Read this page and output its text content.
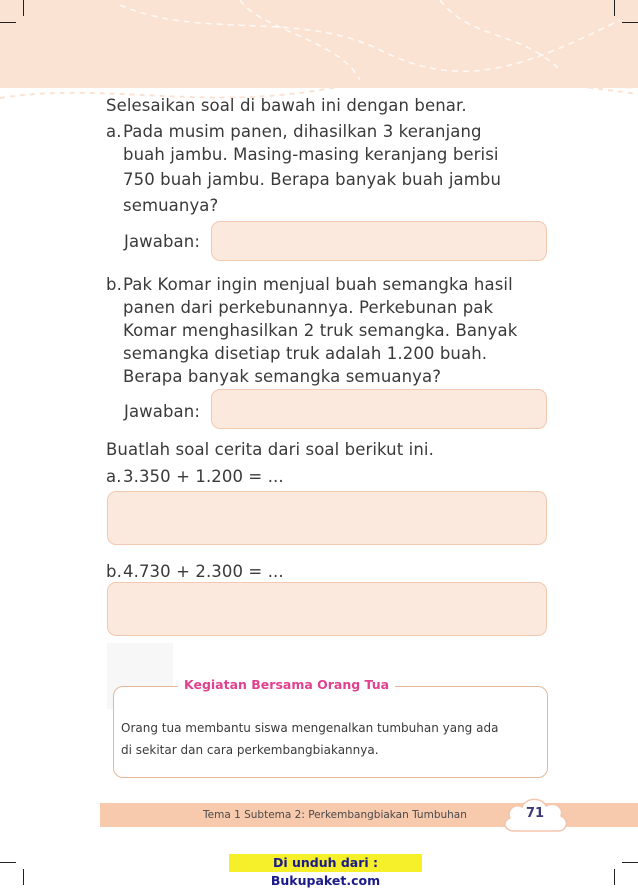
Selesaikan soal di bawah ini dengan benar.
a. Pada musim panen, dihasilkan 3 keranjang
buah jambu. Masing-masing keranjang berisi
750 buah jambu. Berapa banyak buah jambu
semuanya?
Jawaban:
b. Pak Komar ingin menjual buah semangka hasil
panen dari perkebunannya. Perkebunan pak
Komar menghasilkan 2 truk semangka. Banyak
semangka disetiap truk adalah 1.200 buah.
Berapa banyak semangka semuanya?
Jawaban:
Buatlah soal cerita dari soal berikut ini.
a. 3.350 + 1.200 = ...
b. 4.730 + 2.300 = ...
Kegiatan Bersama Orang Tua
Orang tua membantu siswa mengenalkan tumbuhan yang ada
di sekitar dan cara perkembangbiakannya.
Tema 1 Subtema 2: Perkembangbiakan Tumbuhan	71
Di unduh dari : Bukupaket.com
